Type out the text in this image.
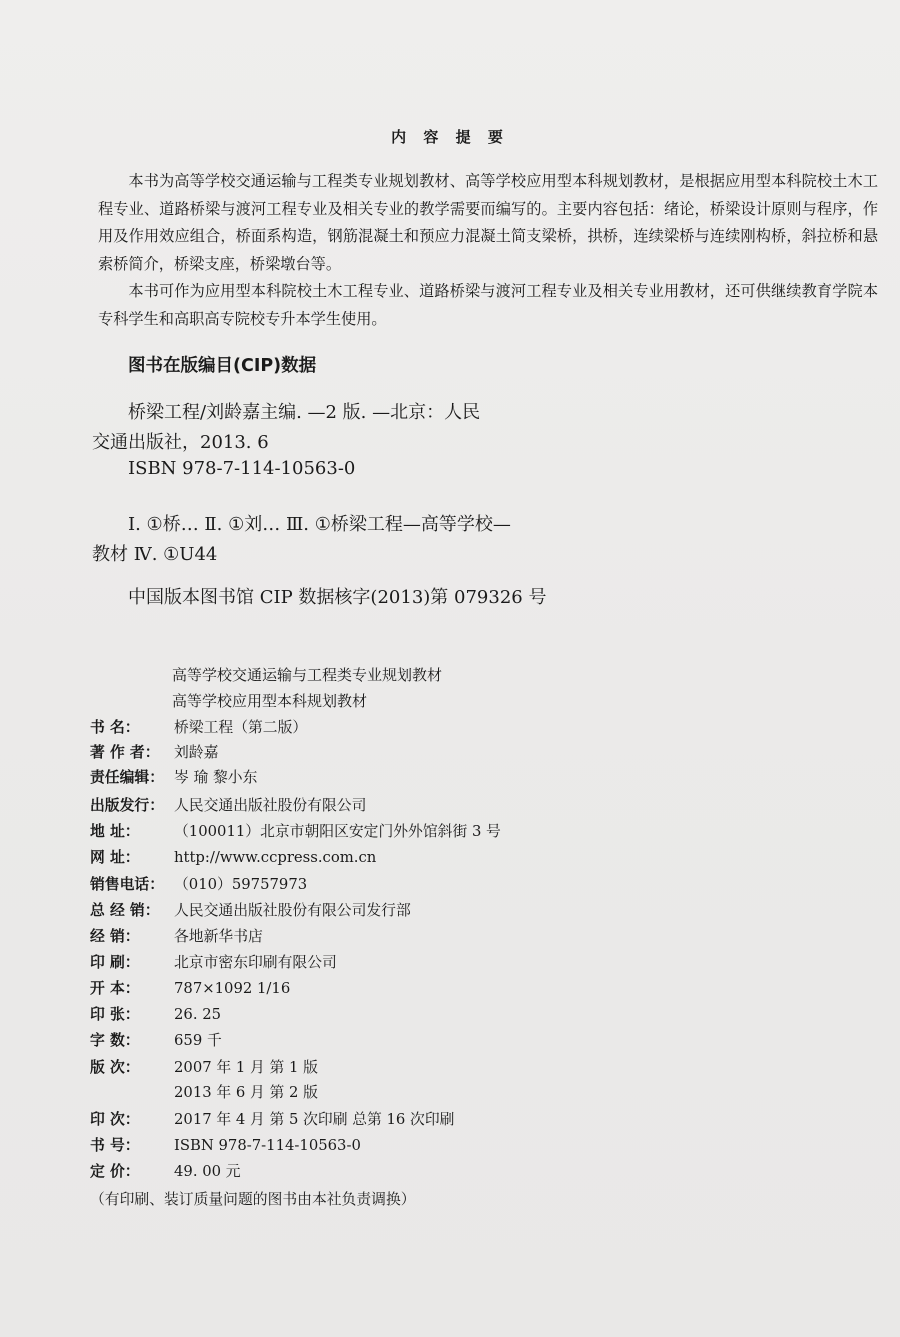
内 容 提 要

本书为高等学校交通运输与工程类专业规划教材、高等学校应用型本科规划教材，是根据应用型本科院校土木工程专业、道路桥梁与渡河工程专业及相关专业的教学需要而编写的。主要内容包括：绪论，桥梁设计原则与程序，作用及作用效应组合，桥面系构造，钢筋混凝土和预应力混凝土简支梁桥，拱桥，连续梁桥与连续刚构桥，斜拉桥和悬索桥简介，桥梁支座，桥梁墩台等。

本书可作为应用型本科院校土木工程专业、道路桥梁与渡河工程专业及相关专业用教材，还可供继续教育学院本专科学生和高职高专院校专升本学生使用。

图书在版编目(CIP)数据
桥梁工程/刘龄嘉主编. —2 版. —北京：人民
交通出版社，2013. 6
ISBN 978-7-114-10563-0
Ⅰ. ①桥… Ⅱ. ①刘… Ⅲ. ①桥梁工程—高等学校—
教材 Ⅳ. ①U44
中国版本图书馆 CIP 数据核字(2013)第 079326 号
高等学校交通运输与工程类专业规划教材
高等学校应用型本科规划教材
书 名： 桥梁工程（第二版）
著 作 者： 刘龄嘉
责任编辑： 岑 瑜 黎小东
出版发行： 人民交通出版社股份有限公司
地 址： （100011）北京市朝阳区安定门外外馆斜街 3 号
网 址： http://www.ccpress.com.cn
销售电话： （010）59757973
总 经 销： 人民交通出版社股份有限公司发行部
经 销： 各地新华书店
印 刷： 北京市密东印刷有限公司
开 本： 787×1092 1/16
印 张： 26. 25
字 数： 659 千
版 次： 2007 年 1 月 第 1 版
2013 年 6 月 第 2 版
印 次： 2017 年 4 月 第 5 次印刷 总第 16 次印刷
书 号： ISBN 978-7-114-10563-0
定 价： 49. 00 元
（有印刷、装订质量问题的图书由本社负责调换）
